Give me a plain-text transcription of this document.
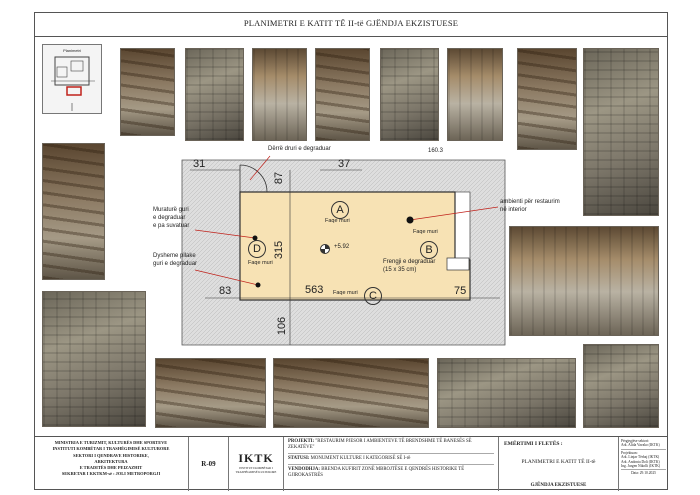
PLANIMETRI E KATIT TË II-të GJËNDJA EKZISTUESE
Planimetri
31	37
87
315
83	563	75
106
160.3
A
Faqe muri
B
Faqe muri
C
Faqe muri
D
Faqe muri
+5.92
Dërrë druri e degraduar
Muraturë guri
e degraduar
e pa suvatuar
Dysheme pllake
guri e degraduar
ambienti për restaurim
në interior
Frengji e degraduar
(15 x 35 cm)
MINISTRIA E TURIZMIT, KULTURËS DHE SPORTEVE
INSTITUTI KOMBËTAR I TRASHËGIMISË KULTURORE
SEKTORI I QENDRAVE HISTORIKE,
ARKITEKTURA
E TRADITËS DHE PEIZAZHIT
SEKRETAR I KKTKM-së : JOLI METROPORGJI
R-09	IKTK
INSTITUTI KOMBËTAR I TRASHËGIMISË KULTURORE
PROJEKTI: "RESTAURIM PJESOR I AMBIENTEVE TË BRENDSHME TË BANESËS SË ZEKATËVE"
STATUSI: MONUMENT KULTURE I KATEGORISË SË I-rë
VENDODHJA: BRENDA KUFIRIT ZONË MBROJTËSE E QENDRËS HISTORIKE TË GJIROKASTRËS
EMËRTIMI I FLETËS :
PLANIMETRI E KATIT TË II-të
GJËNDJA EKZISTUESE
Përgjegjëse sektori:
Ark. Alida Vavako (IKTK)
Projektuan:
Ark. Linjar Tërbaj (IKTK)
Ark. Andonia Doli (IKTK)
Ing. Jurgen Nikolli (IKTK)
Data: 29.10.2025
